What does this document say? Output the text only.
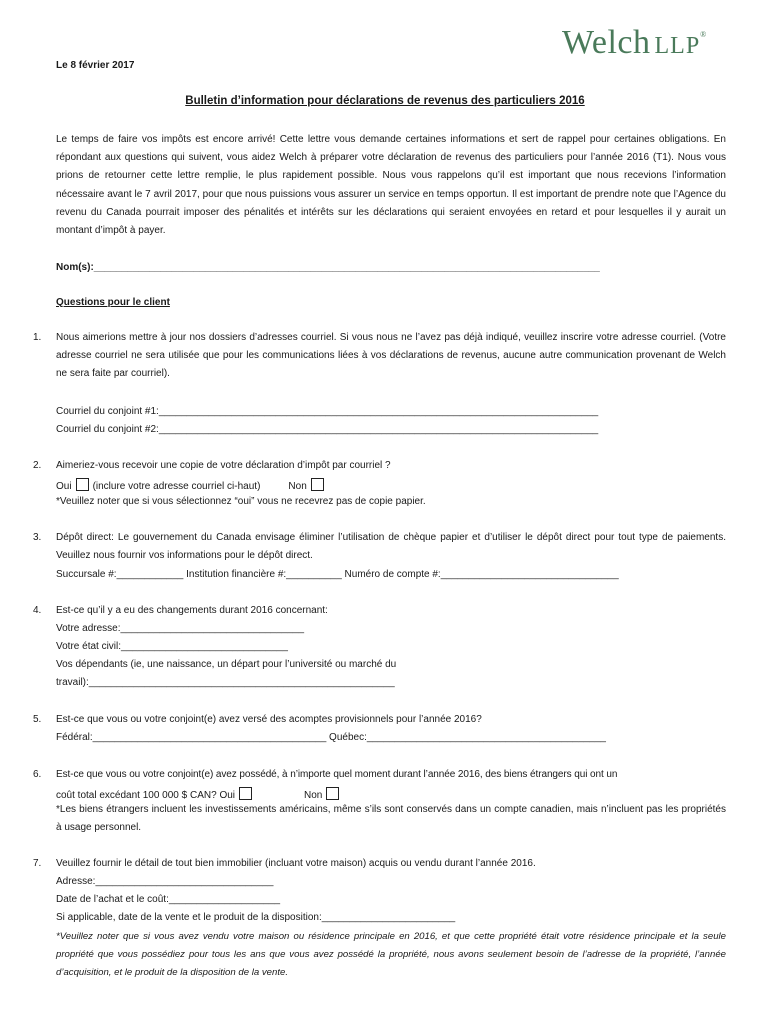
Welch LLP®
Le 8 février 2017
Bulletin d’information pour déclarations de revenus des particuliers 2016
Le temps de faire vos impôts est encore arrivé! Cette lettre vous demande certaines informations et sert de rappel pour certaines obligations. En répondant aux questions qui suivent, vous aidez Welch à préparer votre déclaration de revenus des particuliers pour l’année 2016 (T1). Nous vous prions de retourner cette lettre remplie, le plus rapidement possible. Nous vous rappelons qu’il est important que nous recevions l’information nécessaire avant le 7 avril 2017, pour que nous puissions vous assurer un service en temps opportun. Il est important de prendre note que l’Agence du revenu du Canada pourrait imposer des pénalités et intérêts sur les déclarations qui seraient envoyées en retard et pour lesquelles il y aurait un montant d’impôt à payer.
Nom(s):___________________________________________________________________________________________
Questions pour le client
1. Nous aimerions mettre à jour nos dossiers d’adresses courriel. Si vous nous ne l’avez pas déjà indiqué, veuillez inscrire votre adresse courriel. (Votre adresse courriel ne sera utilisée que pour les communications liées à vos déclarations de revenus, aucune autre communication provenant de Welch ne sera faite par courriel).
Courriel du conjoint #1:_______________________________________________________________________________
Courriel du conjoint #2:_______________________________________________________________________________
2. Aimeriez-vous recevoir une copie de votre déclaration d’impôt par courriel ?
Oui (inclure votre adresse courriel ci-haut)	Non
*Veuillez noter que si vous sélectionnez “oui” vous ne recevrez pas de copie papier.
3. Dépôt direct: Le gouvernement du Canada envisage éliminer l’utilisation de chèque papier et d’utiliser le dépôt direct pour tout type de paiements. Veuillez nous fournir vos informations pour le dépôt direct.
Succursale #:____________ Institution financière #:__________ Numéro de compte #:________________________________
4. Est-ce qu’il y a eu des changements durant 2016 concernant:
Votre adresse:_________________________________
Votre état civil:______________________________
Vos dépendants (ie, une naissance, un départ pour l’université ou marché du
travail):_______________________________________________________
5. Est-ce que vous ou votre conjoint(e) avez versé des acomptes provisionnels pour l’année 2016?
Fédéral:__________________________________________ Québec:___________________________________________
6. Est-ce que vous ou votre conjoint(e) avez possédé, à n’importe quel moment durant l’année 2016, des biens étrangers qui ont un
coût total excédant 100 000 $ CAN? Oui	Non
*Les biens étrangers incluent les investissements américains, même s’ils sont conservés dans un compte canadien, mais n’incluent pas les propriétés à usage personnel.
7. Veuillez fournir le détail de tout bien immobilier (incluant votre maison) acquis ou vendu durant l’année 2016.
Adresse:________________________________
Date de l’achat et le coût:____________________
Si applicable, date de la vente et le produit de la disposition:________________________
*Veuillez noter que si vous avez vendu votre maison ou résidence principale en 2016, et que cette propriété était votre résidence principale et la seule propriété que vous possédiez pour tous les ans que vous avez possédé la propriété, nous avons seulement besoin de l’adresse de la propriété, l’année d’acquisition, et le produit de la disposition de la vente.
